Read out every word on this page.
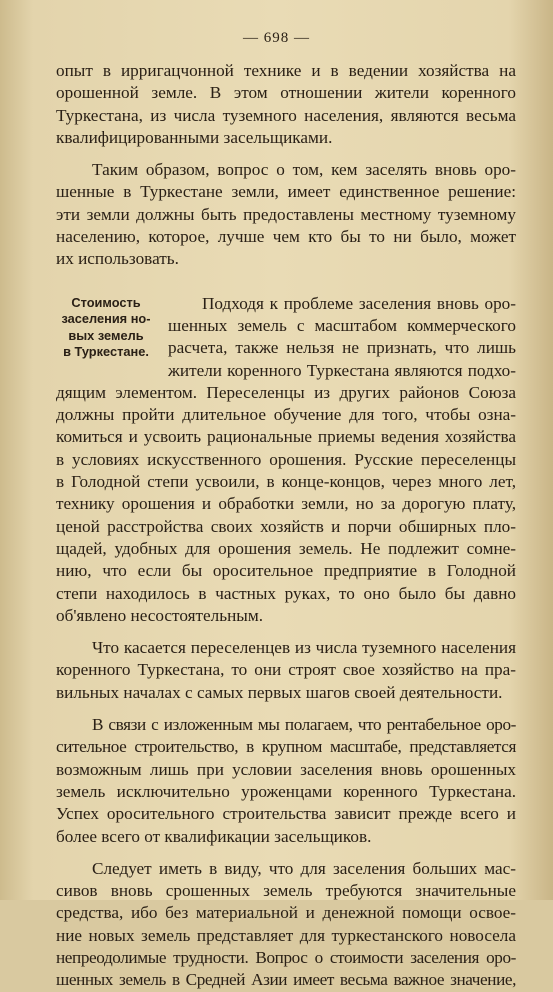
— 698 —
опыт в ирригацчонной технике и в ведении хозяйства на
орошенной земле. В этом отношении жители коренного
Туркестана, из числа туземного населения, являются весьма
квалифицированными засельщиками.
Таким образом, вопрос о том, кем заселять вновь оро-
шенные в Туркестане земли, имеет единственное решение:
эти земли должны быть предоставлены местному туземному
населению, которое, лучше чем кто бы то ни было, может
их использовать.
Стоимость
заселения но-
вых земель
в Туркестане.
Подходя к проблеме заселения вновь оро-
шенных земель с масштабом коммерческого
расчета, также нельзя не признать, что лишь
жители коренного Туркестана являются подхо-
дящим элементом. Переселенцы из других районов Союза
должны пройти длительное обучение для того, чтобы озна-
комиться и усвоить рациональные приемы ведения хозяйства
в условиях искусственного орошения. Русские переселенцы
в Голодной степи усвоили, в конце-концов, через много лет,
технику орошения и обработки земли, но за дорогую плату,
ценой расстройства своих хозяйств и порчи обширных пло-
щадей, удобных для орошения земель. Не подлежит сомне-
нию, что если бы оросительное предприятие в Голодной
степи находилось в частных руках, то оно было бы давно
об'явлено несостоятельным.
Что касается переселенцев из числа туземного населения
коренного Туркестана, то они строят свое хозяйство на пра-
вильных началах с самых первых шагов своей деятельности.
В связи с изложенным мы полагаем, что рентабельное оро-
сительное строительство, в крупном масштабе, представляется
возможным лишь при условии заселения вновь орошенных
земель исключительно уроженцами коренного Туркестана.
Успех оросительного строительства зависит прежде всего и
более всего от квалификации засельщиков.
Следует иметь в виду, что для заселения больших мас-
сивов вновь срошенных земель требуются значительные
средства, ибо без материальной и денежной помощи освое-
ние новых земель представляет для туркестанского новосела
непреодолимые трудности. Вопрос о стоимости заселения оро-
шенных земель в Средней Азии имеет весьма важное значение,
